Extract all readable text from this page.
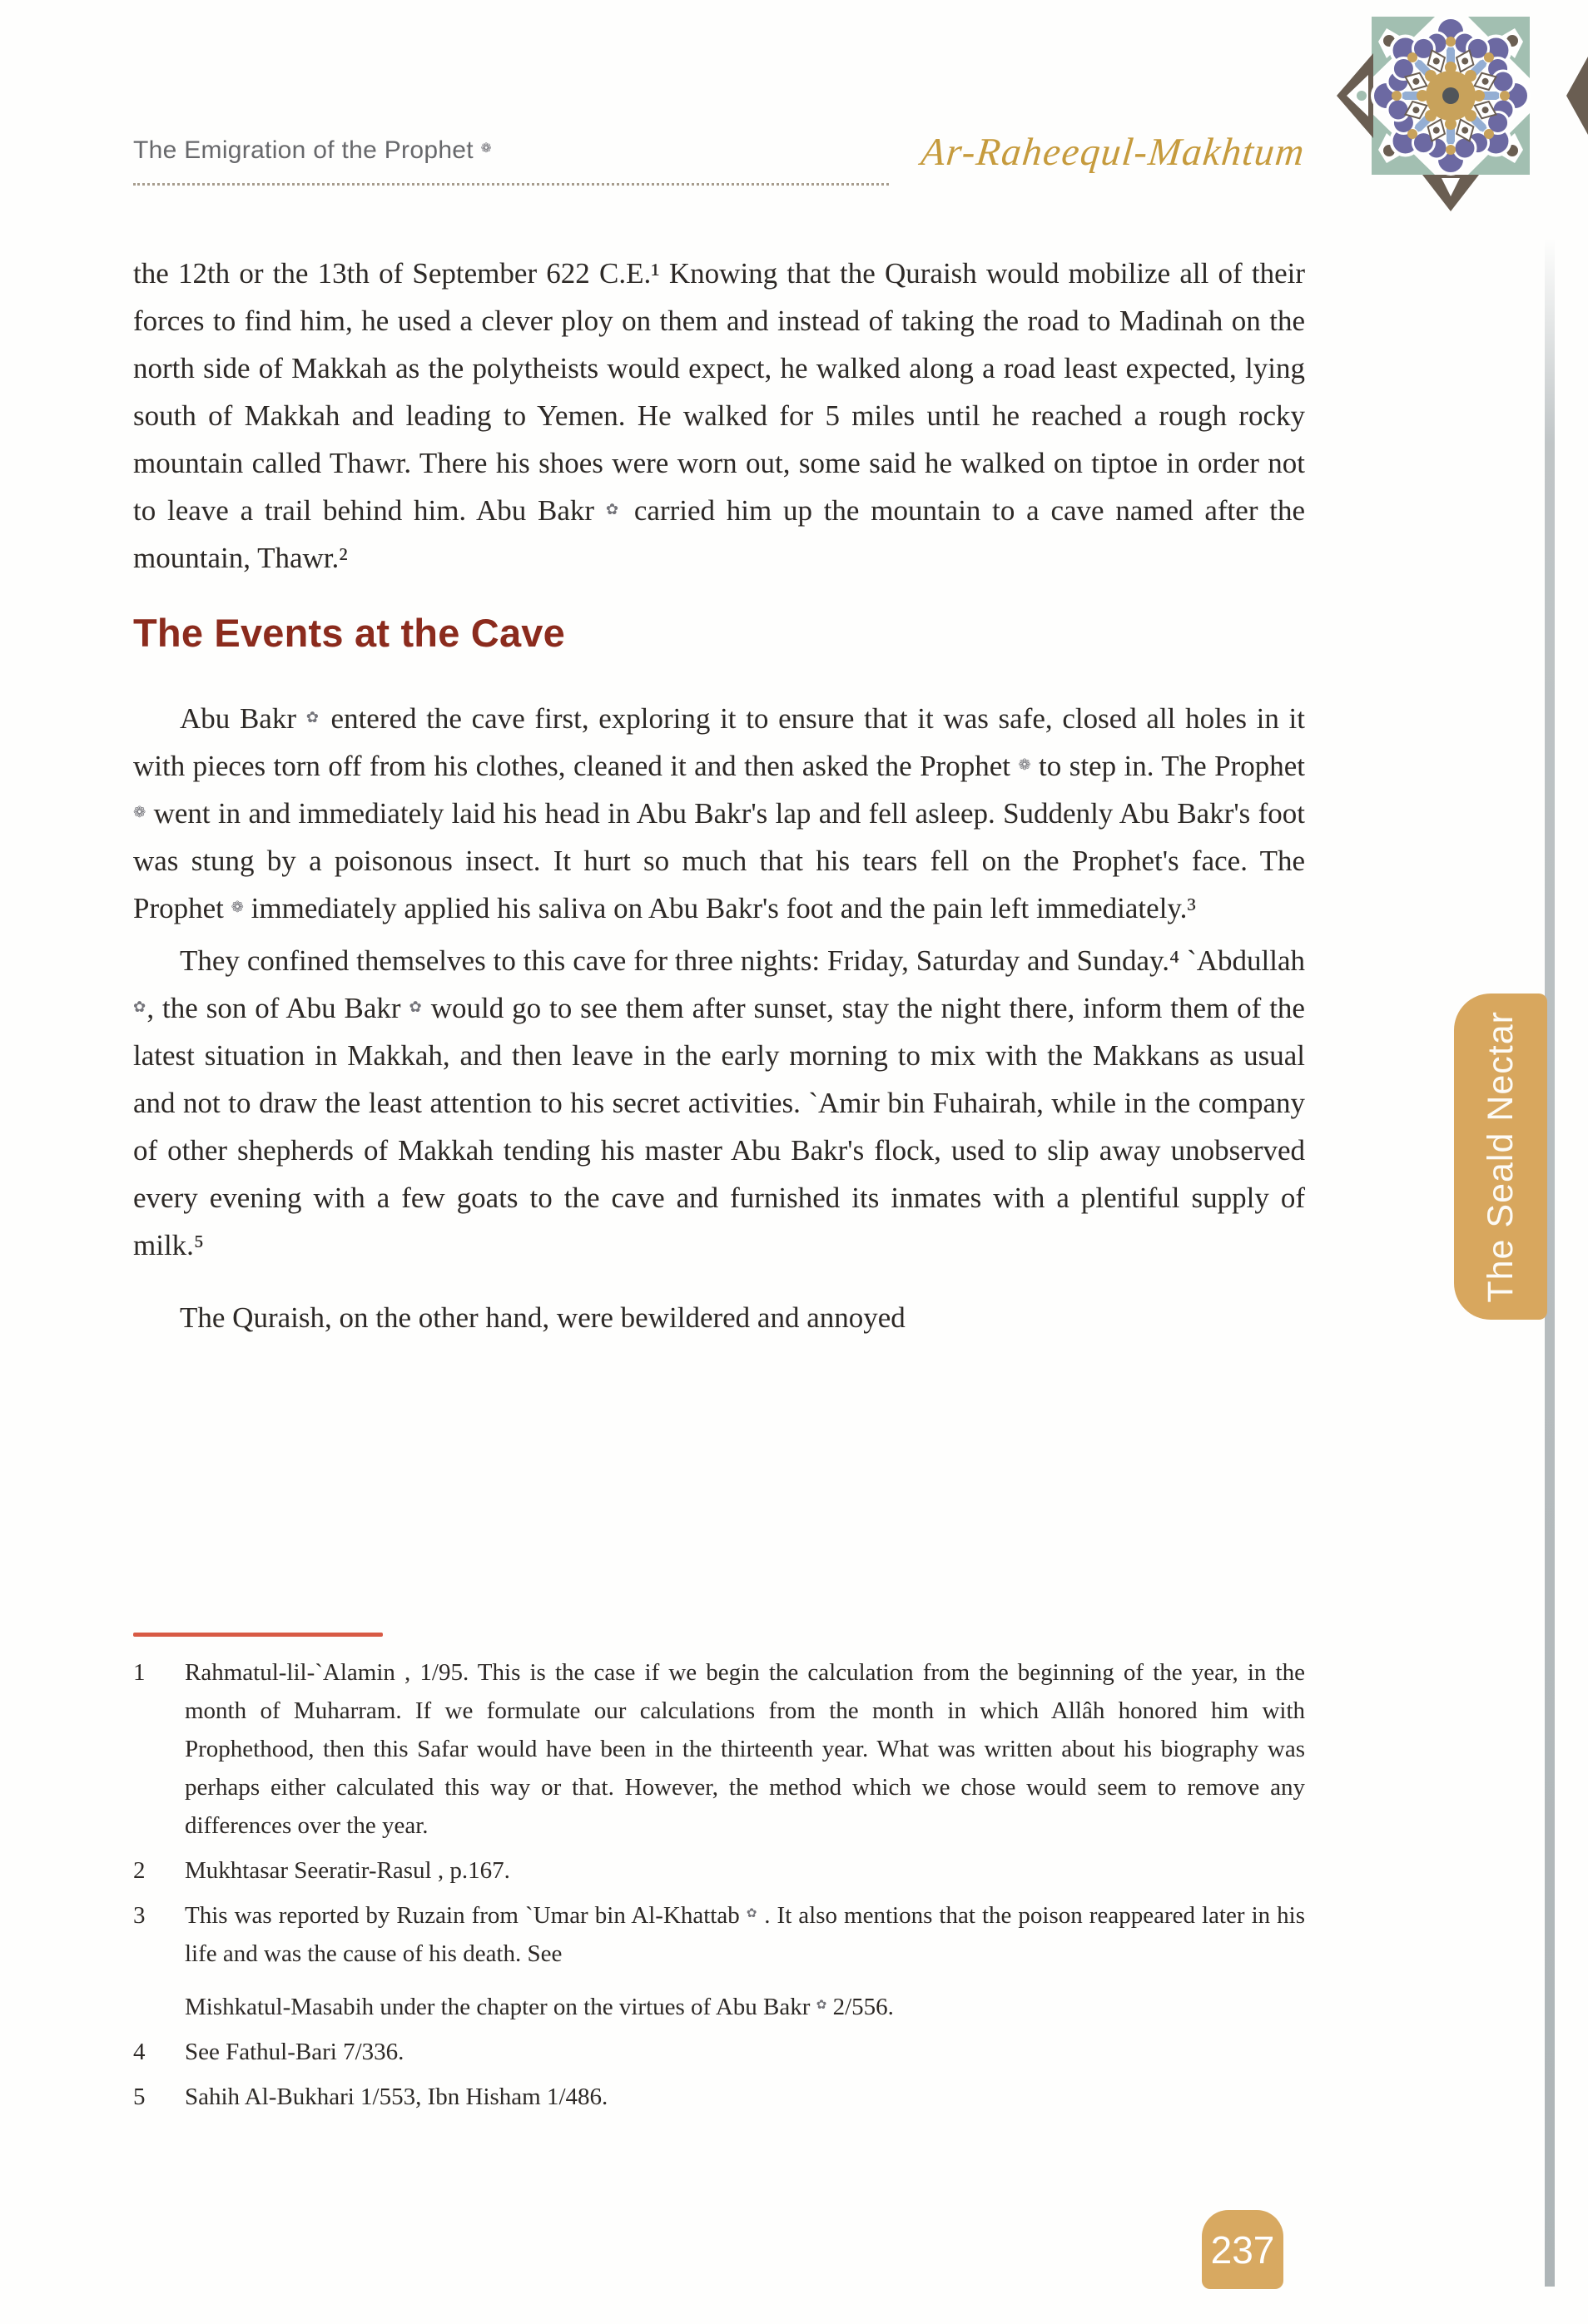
The Emigration of the Prophet ❁	Ar-Raheequl-Makhtum

the 12th or the 13th of September 622 C.E.¹ Knowing that the Quraish would mobilize all of their forces to find him, he used a clever ploy on them and instead of taking the road to Madinah on the north side of Makkah as the polytheists would expect, he walked along a road least expected, lying south of Makkah and leading to Yemen. He walked for 5 miles until he reached a rough rocky mountain called Thawr. There his shoes were worn out, some said he walked on tiptoe in order not to leave a trail behind him. Abu Bakr ✿ carried him up the mountain to a cave named after the mountain, Thawr.²

The Events at the Cave

Abu Bakr ✿ entered the cave first, exploring it to ensure that it was safe, closed all holes in it with pieces torn off from his clothes, cleaned it and then asked the Prophet ❁ to step in. The Prophet ❁ went in and immediately laid his head in Abu Bakr's lap and fell asleep. Suddenly Abu Bakr's foot was stung by a poisonous insect. It hurt so much that his tears fell on the Prophet's face. The Prophet ❁ immediately applied his saliva on Abu Bakr's foot and the pain left immediately.³

They confined themselves to this cave for three nights: Friday, Saturday and Sunday.⁴ `Abdullah ✿, the son of Abu Bakr ✿ would go to see them after sunset, stay the night there, inform them of the latest situation in Makkah, and then leave in the early morning to mix with the Makkans as usual and not to draw the least attention to his secret activities. `Amir bin Fuhairah, while in the company of other shepherds of Makkah tending his master Abu Bakr's flock, used to slip away unobserved every evening with a few goats to the cave and furnished its inmates with a plentiful supply of milk.⁵

The Quraish, on the other hand, were bewildered and annoyed

1	Rahmatul-lil-`Alamin , 1/95. This is the case if we begin the calculation from the beginning of the year, in the month of Muharram. If we formulate our calculations from the month in which Allâh honored him with Prophethood, then this Safar would have been in the thirteenth year. What was written about his biography was perhaps either calculated this way or that. However, the method which we chose would seem to remove any differences over the year.
2	Mukhtasar Seeratir-Rasul , p.167.
3	This was reported by Ruzain from `Umar bin Al-Khattab ✿ . It also mentions that the poison reappeared later in his life and was the cause of his death. See
Mishkatul-Masabih under the chapter on the virtues of Abu Bakr ✿ 2/556.
4	See Fathul-Bari 7/336.
5	Sahih Al-Bukhari 1/553, Ibn Hisham 1/486.
The Seald Nectar
237
